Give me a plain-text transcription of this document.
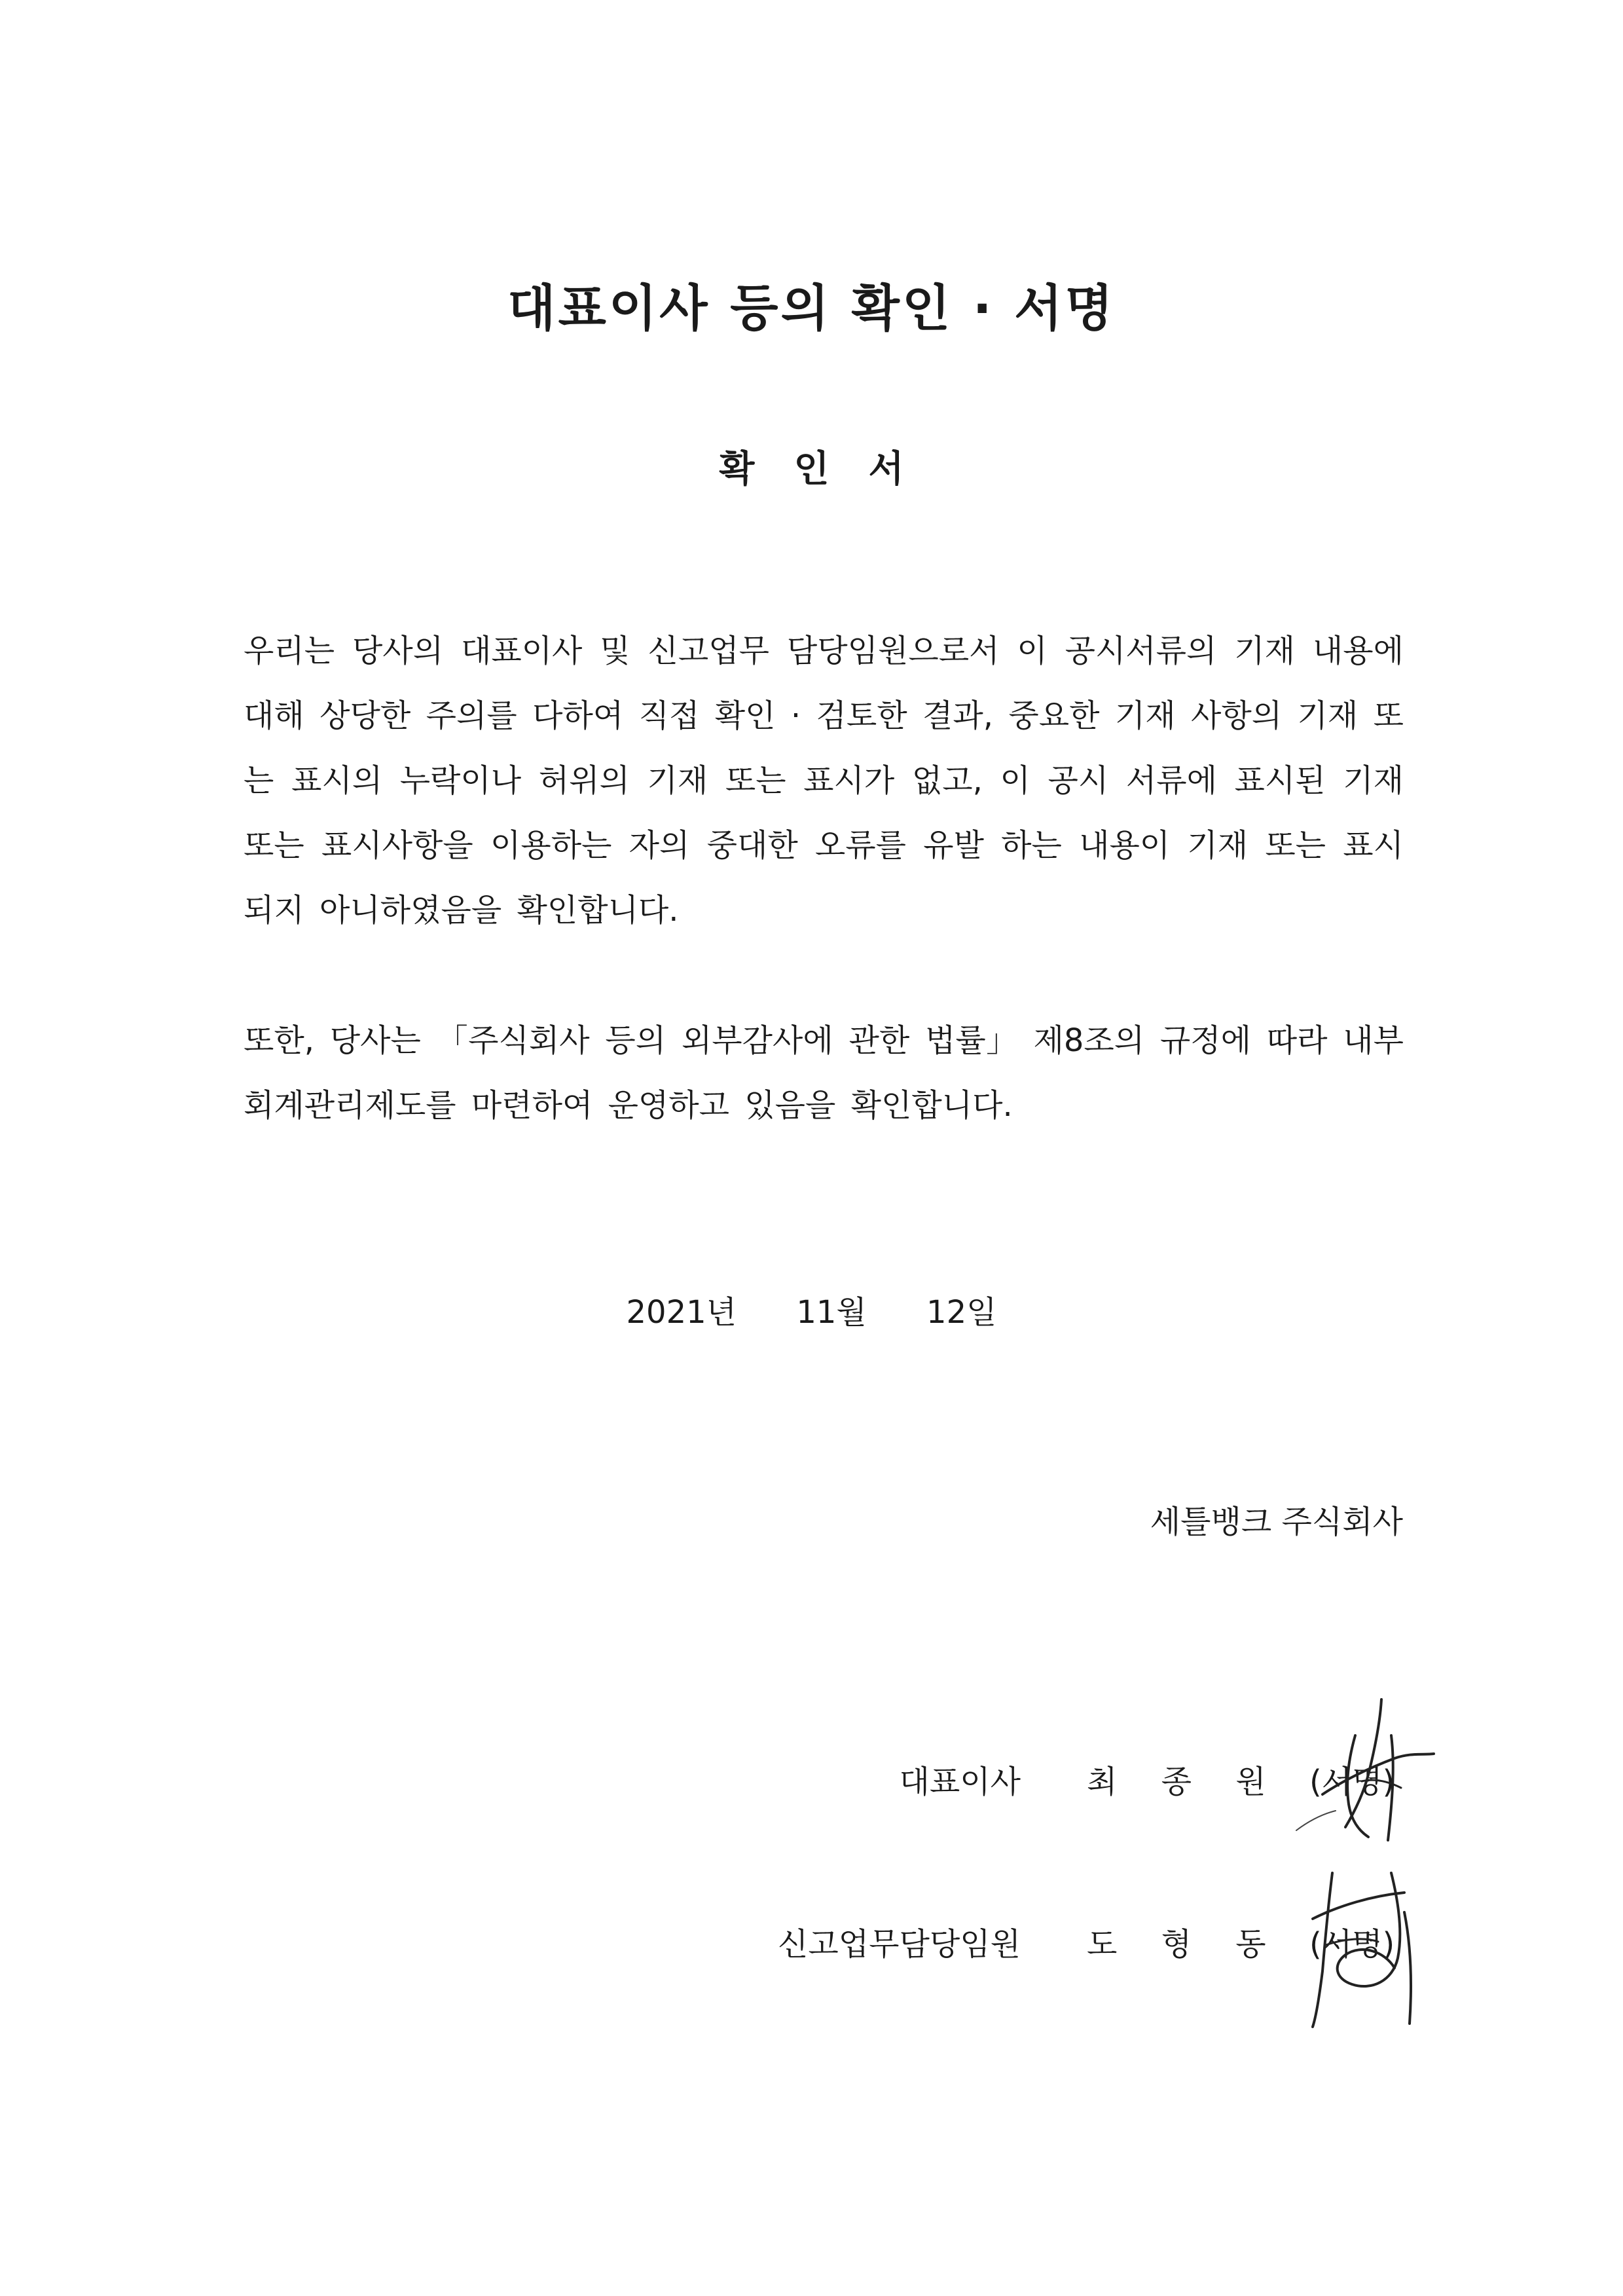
대표이사 등의 확인 · 서명
확인서
우리는 당사의 대표이사 및 신고업무 담당임원으로서 이 공시서류의 기재 내용에 대해 상당한 주의를 다하여 직접 확인 · 검토한 결과, 중요한 기재 사항의 기재 또는 표시의 누락이나 허위의 기재 또는 표시가 없고, 이 공시 서류에 표시된 기재 또는 표시사항을 이용하는 자의 중대한 오류를 유발 하는 내용이 기재 또는 표시되지 아니하였음을 확인합니다.
또한, 당사는 「주식회사 등의 외부감사에 관한 법률」 제8조의 규정에 따라 내부회계관리제도를 마련하여 운영하고 있음을 확인합니다.
2021년 11월 12일
세틀뱅크 주식회사
대표이사 최 종 원 (서명)
신고업무담당임원 도 형 동 (서명)
